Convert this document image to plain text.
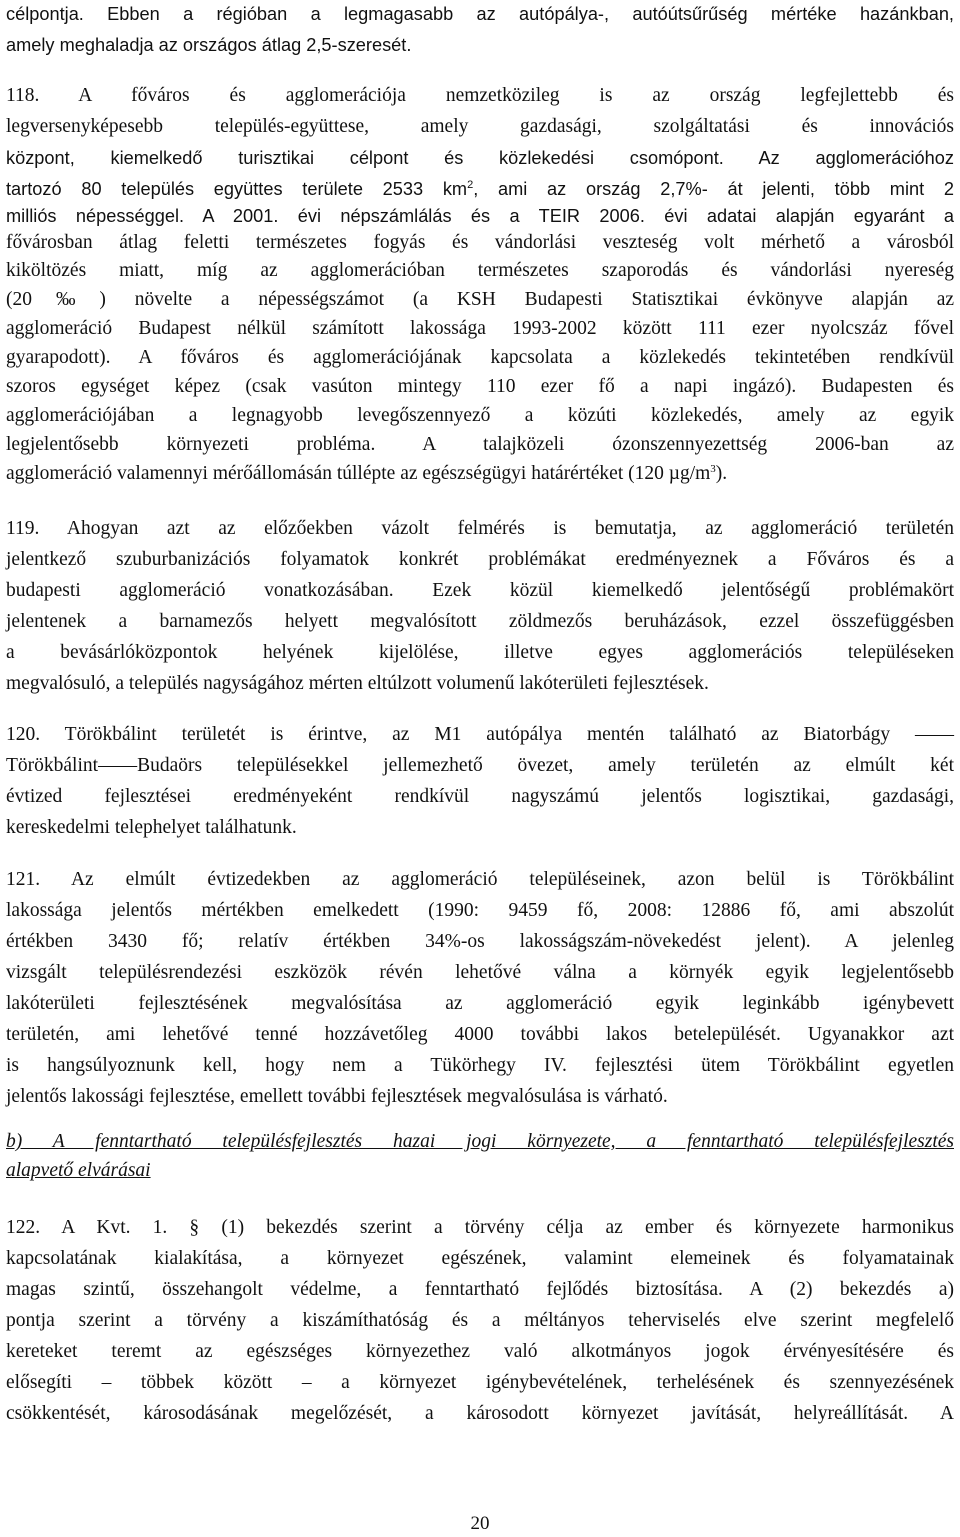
célpontja. Ebben a régióban a legmagasabb az autópálya-, autóútsűrűség mértéke hazánkban,
amely meghaladja az országos átlag 2,5-szeresét.
118. A főváros és agglomerációja nemzetközileg is az ország legfejlettebb és
legversenyképesebb település-együttese, amely gazdasági, szolgáltatási és innovációs
központ, kiemelkedő turisztikai célpont és közlekedési csomópont. Az agglomerációhoz
tartozó 80 település együttes területe 2533 $km^2$, ami az ország 2,7%- át jelenti, több mint 2
milliós népességgel. A 2001. évi népszámlálás és a TEIR 2006. évi adatai alapján egyaránt a
fővárosban átlag feletti természetes fogyás és vándorlási veszteség volt mérhető a városból
kiköltözés miatt, míg az agglomerációban természetes szaporodás és vándorlási nyereség
(20‰) növelte a népességszámot (a KSH Budapesti Statisztikai évkönyve alapján az
agglomeráció Budapest nélkül számított lakossága 1993-2002 között 111 ezer nyolcszáz fővel
gyarapodott). A főváros és agglomerációjának kapcsolata a közlekedés tekintetében rendkívül
szoros egységet képez (csak vasúton mintegy 110 ezer fő a napi ingázó). Budapesten és
agglomerációjában a legnagyobb levegőszennyező a közúti közlekedés, amely az egyik
legjelentősebb környezeti probléma. A talajközeli ózonszennyezettség 2006-ban az
agglomeráció valamennyi mérőállomásán túllépte az egészségügyi határértéket (120 $\mu g/m^3$).
119. Ahogyan azt az előzőekben vázolt felmérés is bemutatja, az agglomeráció területén
jelentkező szuburbanizációs folyamatok konkrét problémákat eredményeznek a Főváros és a
budapesti agglomeráció vonatkozásában. Ezek közül kiemelkedő jelentőségű problémakört
jelentenek a barnamezős helyett megvalósított zöldmezős beruházások, ezzel összefüggésben
a bevásárlóközpontok helyének kijelölése, illetve egyes agglomerációs településeken
megvalósuló, a település nagyságához mérten eltúlzott volumenű lakóterületi fejlesztések.
120. Törökbálint területét is érintve, az M1 autópálya mentén található az Biatorbágy ——
Törökbálint——Budaörs településekkel jellemezhető övezet, amely területén az elmúlt két
évtized fejlesztései eredményeként rendkívül nagyszámú jelentős logisztikai, gazdasági,
kereskedelmi telephelyet találhatunk.
121. Az elmúlt évtizedekben az agglomeráció településeinek, azon belül is Törökbálint
lakossága jelentős mértékben emelkedett (1990: 9459 fő, 2008: 12886 fő, ami abszolút
értékben 3430 fő; relatív értékben 34%-os lakosságszám-növekedést jelent). A jelenleg
vizsgált településrendezési eszközök révén lehetővé válna a környék egyik legjelentősebb
lakóterületi fejlesztésének megvalósítása az agglomeráció egyik leginkább igénybevett
területén, ami lehetővé tenné hozzávetőleg 4000 további lakos betelepülését. Ugyanakkor azt
is hangsúlyoznunk kell, hogy nem a Tükörhegy IV. fejlesztési ütem Törökbálint egyetlen
jelentős lakossági fejlesztése, emellett további fejlesztések megvalósulása is várható.
b) A fenntartható településfejlesztés hazai jogi környezete, a fenntartható településfejlesztés
alapvető elvárásai
122. A Kvt. 1. § (1) bekezdés szerint a törvény célja az ember és környezete harmonikus
kapcsolatának kialakítása, a környezet egészének, valamint elemeinek és folyamatainak
magas szintű, összehangolt védelme, a fenntartható fejlődés biztosítása. A (2) bekezdés a)
pontja szerint a törvény a kiszámíthatóság és a méltányos teherviselés elve szerint megfelelő
kereteket teremt az egészséges környezethez való alkotmányos jogok érvényesítésére és
elősegíti – többek között – a környezet igénybevételének, terhelésének és szennyezésének
csökkentését, károsodásának megelőzését, a károsodott környezet javítását, helyreállítását. A
20
